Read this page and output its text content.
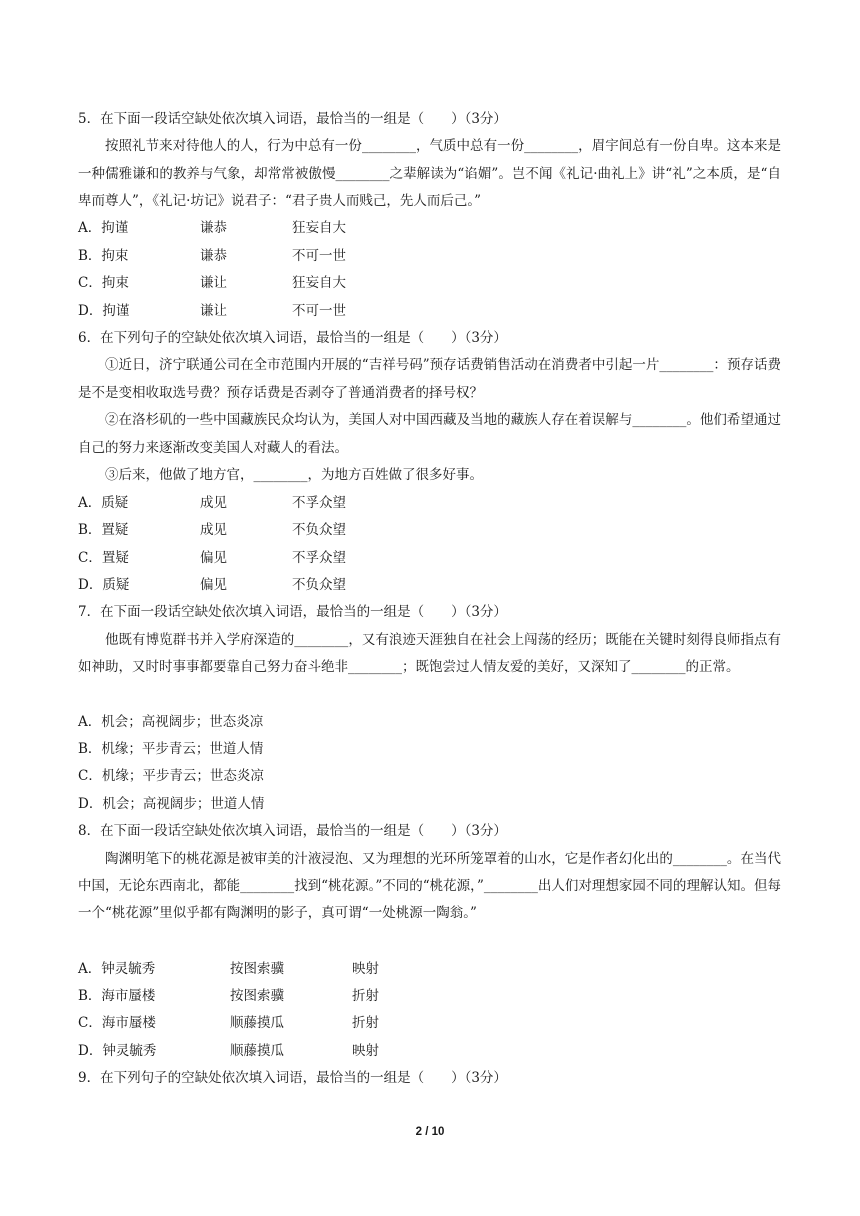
5．在下面一段话空缺处依次填入词语，最恰当的一组是（　　）（3分）
按照礼节来对待他人的人，行为中总有一份________，气质中总有一份________，眉宇间总有一份自卑。这本来是一种儒雅谦和的教养与气象，却常常被傲慢________之辈解读为“谄媚”。岂不闻《礼记·曲礼上》讲“礼”之本质，是“自卑而尊人”，《礼记·坊记》说君子：“君子贵人而贱己，先人而后己。”
A．拘谨	谦恭	狂妄自大
B．拘束	谦恭	不可一世
C．拘束	谦让	狂妄自大
D．拘谨	谦让	不可一世
6．在下列句子的空缺处依次填入词语，最恰当的一组是（　　）（3分）
①近日，济宁联通公司在全市范围内开展的“吉祥号码”预存话费销售活动在消费者中引起一片________：预存话费是不是变相收取选号费？预存话费是否剥夺了普通消费者的择号权？
②在洛杉矶的一些中国藏族民众均认为，美国人对中国西藏及当地的藏族人存在着误解与________。他们希望通过自己的努力来逐渐改变美国人对藏人的看法。
③后来，他做了地方官，________，为地方百姓做了很多好事。
A．质疑	成见	不孚众望
B．置疑	成见	不负众望
C．置疑	偏见	不孚众望
D．质疑	偏见	不负众望
7．在下面一段话空缺处依次填入词语，最恰当的一组是（　　）（3分）
他既有博览群书并入学府深造的________，又有浪迹天涯独自在社会上闯荡的经历；既能在关键时刻得良师指点有如神助，又时时事事都要靠自己努力奋斗绝非________；既饱尝过人情友爱的美好，又深知了________的正常。
A．机会；高视阔步；世态炎凉
B．机缘；平步青云；世道人情
C．机缘；平步青云；世态炎凉
D．机会；高视阔步；世道人情
8．在下面一段话空缺处依次填入词语，最恰当的一组是（　　）（3分）
陶渊明笔下的桃花源是被审美的汁液浸泡、又为理想的光环所笼罩着的山水，它是作者幻化出的________。在当代中国，无论东西南北，都能________找到“桃花源。”不同的“桃花源，”________出人们对理想家园不同的理解认知。但每一个“桃花源”里似乎都有陶渊明的影子，真可谓“一处桃源一陶翁。”
A．钟灵毓秀	按图索骥	映射
B．海市蜃楼	按图索骥	折射
C．海市蜃楼	顺藤摸瓜	折射
D．钟灵毓秀	顺藤摸瓜	映射
9．在下列句子的空缺处依次填入词语，最恰当的一组是（　　）（3分）
2 / 10
